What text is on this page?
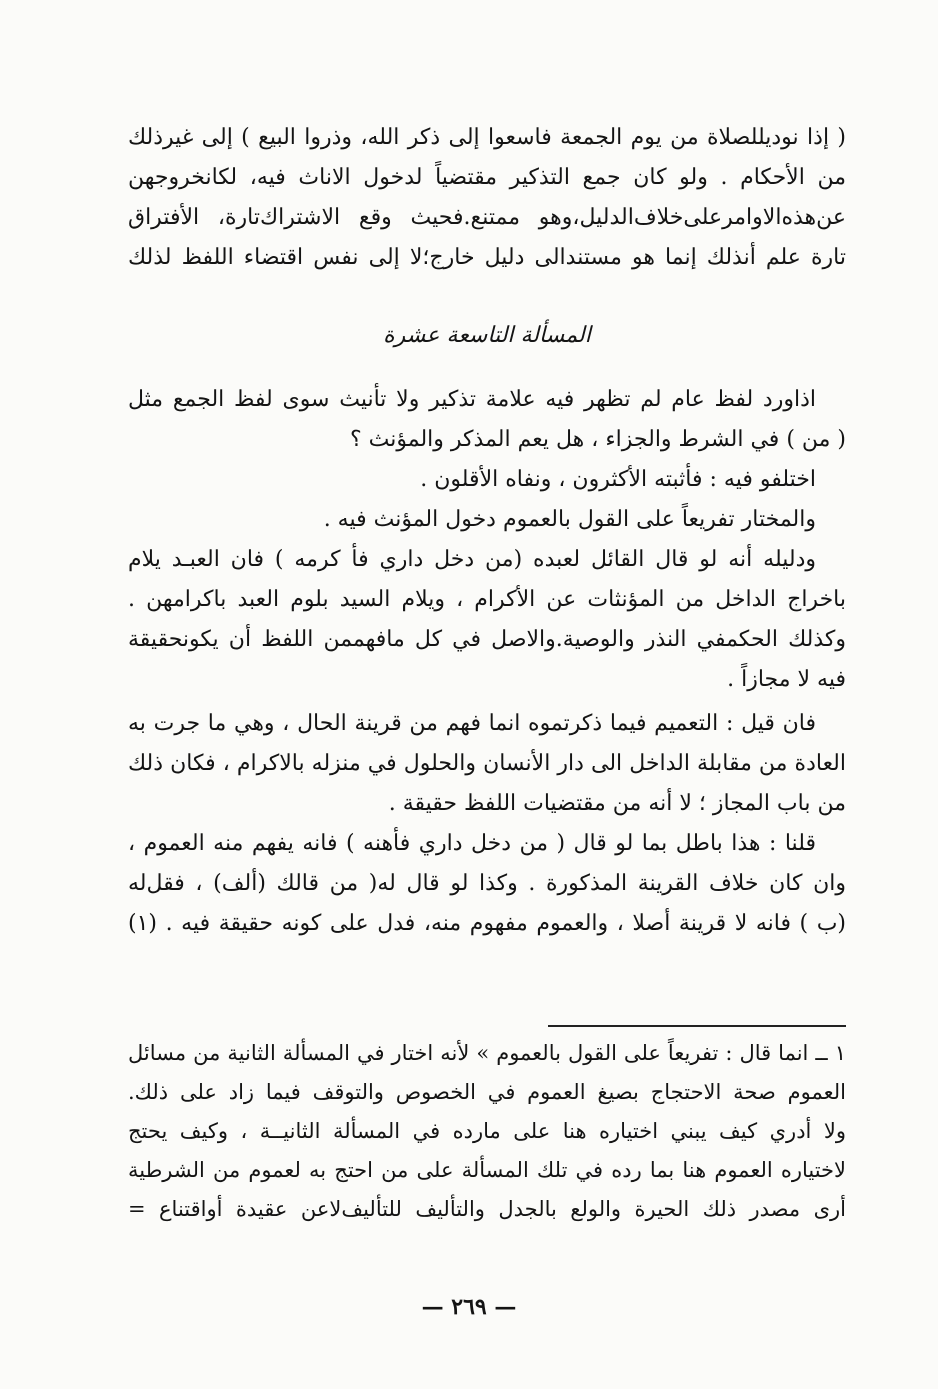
( إذا نوديللصلاة من يوم الجمعة فاسعوا إلى ذكر الله، وذروا البيع ) إلى غيرذلك
من الأحكام . ولو كان جمع التذكير مقتضياً لدخول الاناث فيه، لكانخروجهن
عن‌هذه‌الاوامرعلى‌خلاف‌الدليل،وهو ممتنع.فحيث وقع الاشتراك‌تارة، الأفتراق
تارة علم أنذلك إنما هو مستندالى دليل خارج؛لا إلى نفس اقتضاء اللفظ لذلك
المسألة التاسعة عشرة
اذاورد لفظ عام لم تظهر فيه علامة تذكير ولا تأنيث سوى لفظ الجمع مثل
( من ) في الشرط والجزاء ، هل يعم المذكر والمؤنث ؟
اختلفو فيه : فأثبته الأكثرون ، ونفاه الأقلون .
والمختار تفريعاً على القول بالعموم دخول المؤنث فيه .
ودليله أنه لو قال القائل لعبده (من دخل داري فأ كرمه ) فان العبـد يلام
باخراج الداخل من المؤنثات عن الأكرام ، ويلام السيد بلوم العبد باكرامهن .
وكذلك الحكمفي النذر والوصية.والاصل في كل مافهممن اللفظ أن يكونحقيقة
فيه لا مجازاً .
فان قيل : التعميم فيما ذكرتموه انما فهم من قرينة الحال ، وهي ما جرت به
العادة من مقابلة الداخل الى دار الأنسان والحلول في منزله بالاكرام ، فكان ذلك
من باب المجاز ؛ لا أنه من مقتضيات اللفظ حقيقة .
قلنا : هذا باطل بما لو قال ( من دخل داري فأهنه ) فانه يفهم منه العموم ،
وان كان خلاف القرينة المذكورة . وكذا لو قال له( من قالك (ألف) ، فقل‌له
(ب ) فانه لا قرينة أصلا ، والعموم مفهوم منه، فدل على كونه حقيقة فيه . (١)
١ ــ انما قال : تفريعاً على القول بالعموم » لأنه اختار في المسألة الثانية من مسائل
العموم صحة الاحتجاج بصيغ العموم في الخصوص والتوقف فيما زاد على ذلك.
ولا أدري كيف يبني اختياره هنا على مارده في المسألة الثانيــة ، وكيف يحتج
لاختياره العموم هنا بما رده في تلك المسألة على من احتج به لعموم من الشرطية
أرى مصدر ذلك الحيرة والولع بالجدل والتأليف للتأليف‌لاعن عقيدة أواقتناع =
— ٢٦٩ —
